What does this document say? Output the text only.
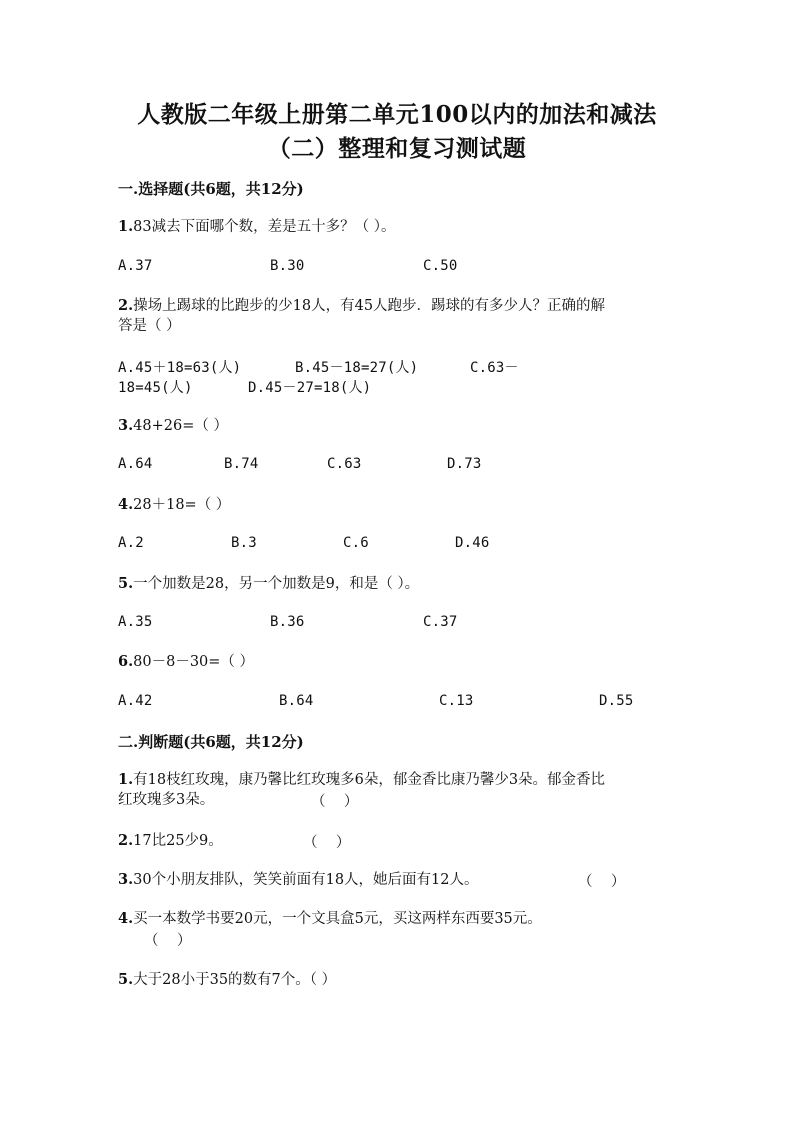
人教版二年级上册第二单元100以内的加法和减法
（二）整理和复习测试题
一.选择题(共6题，共12分)
1.83减去下面哪个数，差是五十多？（ ）。
A.37	B.30	C.50
2.操场上踢球的比跑步的少18人，有45人跑步．踢球的有多少人？正确的解
答是（ ）
A.45＋18=63(人)	B.45－18=27(人)	C.63－
18=45(人)	D.45－27=18(人)
3.48+26=（ ）
A.64	B.74	C.63	D.73
4.28＋18=（ ）
A.2	B.3	C.6	D.46
5.一个加数是28，另一个加数是9，和是（ ）。
A.35	B.36	C.37
6.80－8－30=（ ）
A.42	B.64	C.13	D.55
二.判断题(共6题，共12分)
1.有18枝红玫瑰，康乃馨比红玫瑰多6朵，郁金香比康乃馨少3朵。郁金香比
红玫瑰多3朵。	（    ）
2.17比25少9。	（    ）
3.30个小朋友排队，笑笑前面有18人，她后面有12人。	（    ）
4.买一本数学书要20元，一个文具盒5元，买这两样东西要35元。
（    ）
5.大于28小于35的数有7个。（ ）
